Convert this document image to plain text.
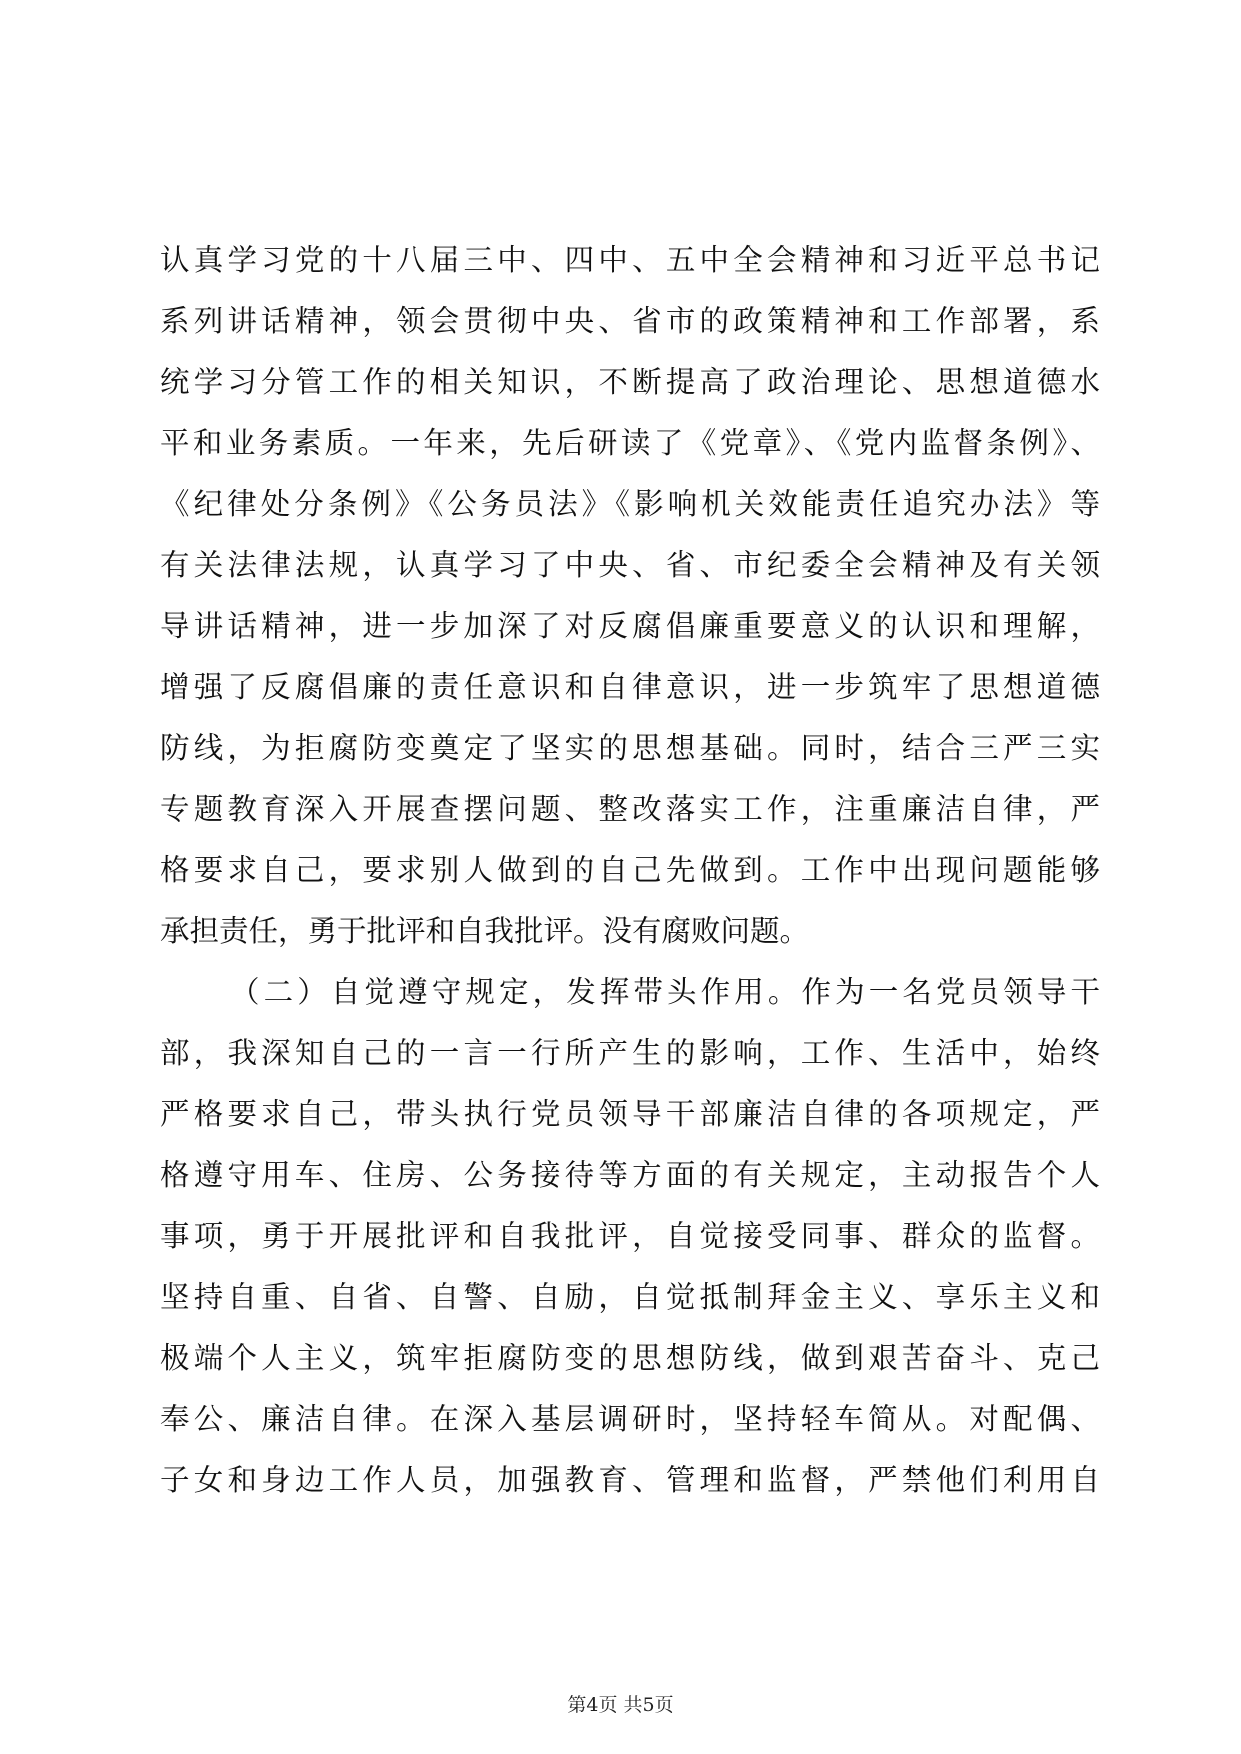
认真学习党的十八届三中、四中、五中全会精神和习近平总书记
系列讲话精神，领会贯彻中央、省市的政策精神和工作部署，系
统学习分管工作的相关知识，不断提高了政治理论、思想道德水
平和业务素质。一年来，先后研读了《党章》、《党内监督条例》、
《纪律处分条例》《公务员法》《影响机关效能责任追究办法》等
有关法律法规，认真学习了中央、省、市纪委全会精神及有关领
导讲话精神，进一步加深了对反腐倡廉重要意义的认识和理解，
增强了反腐倡廉的责任意识和自律意识，进一步筑牢了思想道德
防线，为拒腐防变奠定了坚实的思想基础。同时，结合三严三实
专题教育深入开展查摆问题、整改落实工作，注重廉洁自律，严
格要求自己，要求别人做到的自己先做到。工作中出现问题能够
承担责任，勇于批评和自我批评。没有腐败问题。
（二）自觉遵守规定，发挥带头作用。作为一名党员领导干
部，我深知自己的一言一行所产生的影响，工作、生活中，始终
严格要求自己，带头执行党员领导干部廉洁自律的各项规定，严
格遵守用车、住房、公务接待等方面的有关规定，主动报告个人
事项，勇于开展批评和自我批评，自觉接受同事、群众的监督。
坚持自重、自省、自警、自励，自觉抵制拜金主义、享乐主义和
极端个人主义，筑牢拒腐防变的思想防线，做到艰苦奋斗、克己
奉公、廉洁自律。在深入基层调研时，坚持轻车简从。对配偶、
子女和身边工作人员，加强教育、管理和监督，严禁他们利用自
第4页 共5页
